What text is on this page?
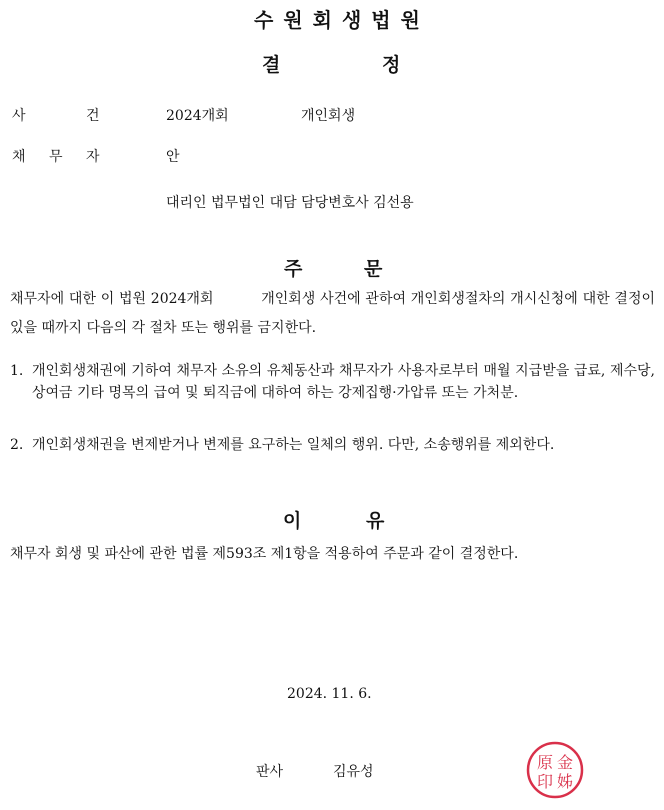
수원회생법원
결	정
사	건	2024개회	개인회생
채 무 자	안
대리인 법무법인 대담 담당변호사 김선용
주	문
채무자에 대한 이 법원 2024개회          개인회생 사건에 관하여 개인회생절차의 개시신청에 대한 결정이 있을 때까지 다음의 각 절차 또는 행위를 금지한다.
1. 개인회생채권에 기하여 채무자 소유의 유체동산과 채무자가 사용자로부터 매월 지급받을 급료, 제수당, 상여금 기타 명목의 급여 및 퇴직금에 대하여 하는 강제집행·가압류 또는 가처분.
2. 개인회생채권을 변제받거나 변제를 요구하는 일체의 행위. 다만, 소송행위를 제외한다.
이	유
채무자 회생 및 파산에 관한 법률 제593조 제1항을 적용하여 주문과 같이 결정한다.
2024. 11. 6.
판사	김유성	原 金
印 姊
